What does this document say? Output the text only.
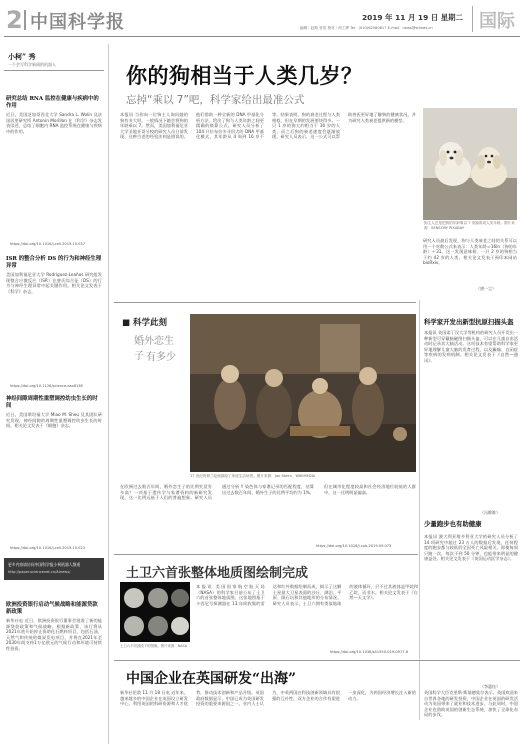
2 中国科学报	2019 年 11 月 19 日 星期二
编辑｜赵路 晋浩 校对｜何工烨 Tel：(010)62580617 E-mail：news@stimes.cn	国际
小柯” 秀
一个会写科学新闻的机器人
研究总结 RNA 监控在健康与疾病中的作用
近日，美国芝加哥西北大学 Sandra L. Wolin 及法国居里研究所 Antonin Morillon 在《科学》杂志发表综述，总结了细胞内 RNA 监控系统在健康与疾病中的作用。
https://doi.org/10.1016/j.cell.2019.10.037
ISR 的整合分析 DS 的行为和神经生理异常
美国加利福尼亚大学 Rodríguez-Leaños 研究组发现整合应激反应（ISR）在唐氏综合征（DS）的行为与神经生理异常中起关键作用。相关论文发表于《科学》杂志。
https://doi.org/10.1126/science.aax8185
神经间隙周期性重塑调控幼虫生长的时间
近日，美国斯坦福大学 Miao M. Sheu 及其团队研究发现，神经间隙的周期性重塑调控幼虫生长的时间。相关论文发表于《细胞》杂志。
https://doi.org/10.1016/j.cell.2019.10.023
更多内容请访问中国科学报小柯机器人频道
http://paper.sciencenet.cn/AInews/
欧洲投资银行启动气候战略和能源贷款新政策
新华社电 近日，欧洲投资银行董事会批准了新的能源贷款政策和气候战略。根据新政策，该行将从2021年底开始停止资助化石燃料项目，包括石油、天然气和传统的煤炭发电项目，并将在2021年至2030年间支持1万亿欧元的气候行动和环境可持续性投资。
你的狗相当于人类几岁？
忘掉“乘以 7”吧，科学家给出最准公式
狗主人总是把狗的年龄乘以 7 来换算成人类年龄。图片来源：SENSORY PIXABAY
本报讯 当你向一位狗主人询问她的狗有多大时，一般情况下她会将狗的年龄乘以 7。然而，美国加利福尼亚大学圣地亚哥分校的研究人员日前发现，这种古老的经验法则是错误的。他们借助一种全新的 DNA 甲基化分析方法，给出了狗与人类年龄之间更精确的换算公式。研究人员分析了 104 只拉布拉多寻回犬的 DNA 甲基化模式，其年龄从 4 周到 16 岁不等。结果表明，狗的衰老过程与人类相似，但在早期的发展要快得多。一只 1 岁的狗大约相当于 30 岁的人类，而之后狗的衰老速度会逐渐放缓。研究人员表示，这一公式可以帮助兽医更好地了解狗的健康状况，并为研究人类衰老提供新的模型。
研究人员最后发现，狗与人类衰老之间的关系可以用一个对数公式来表示：人类年龄＝16ln（狗的年龄）＋31。这一发现意味着，一只 2 岁的狗相当于约 42 岁的人类。相关论文发表于预印本网站 bioRxiv。
（唐一尘）
■ 科学此刻
婚外恋生子 有多少
17 世纪的荷兰绘画描绘了家庭生活场景。图片来源：Jan Steen，WIKIMEDIA
在欧洲过去数百年间，婚外恋生子的比例究竟有多高？一项基于遗传学与家谱资料的新研究发现，这一比例远低于人们的普遍想象。研究人员通过分析 Y 染色体与家谱记录的匹配程度，估算出过去数百年间，婚外生子的比例平均约为 1%，但在城市化程度较高和社会经济地位较低的人群中，这一比例明显偏高。
https://doi.org/10.1016/j.cub.2019.09.075
科学家开发出新型抗原扫描头盔
本报讯 英国诺丁汉大学等机构的研究人员开发出一种新型可穿戴脑磁图扫描头盔，可以在儿童自由活动时记录其大脑活动。这项技术有望帮助科学家更好地理解儿童大脑的发育过程，以及癫痫、自闭症等疾病的发病机制。相关论文发表于《自然—通讯》。
（冯维维）
少量跑步也有助健康
本报讯 澳大利亚维多利亚大学的研究人员分析了 14 项研究中超过 23 万人的数据后发现，任何程度的跑步都与较低的全因死亡风险相关。即使每周只跑一次，每次不到 50 分钟，也能带来明显的健康益处。相关论文发表于《英国运动医学杂志》。
（李惠钰）
土卫六首张整体地质图绘制完成
土卫六不同波段下的图像。图片来源：NASA
本报讯 美国国家航空航天局（NASA）的科学家日前公布了土卫六的首张整体地质图。这张地图基于卡西尼号探测器在 13 年间收集的雷达和红外数据绘制而成，揭示了这颗土星最大卫星表面的沙丘、湖泊、平原、陨石坑和其他地形的分布情况。研究人员表示，土卫六拥有类似地球的液体循环，只不过其液体是甲烷和乙烷，而非水。相关论文发表于《自然—天文学》。
https://doi.org/10.1038/s41550-019-0917-6
中国企业在英国研发“出海”
新华社伦敦 11 月 18 日电 近年来，越来越多的中国企业在英国设立研发中心，利用英国的科研资源和人才优势，推动技术创新和产品升级。英国政府数据显示，中国已成为英国研发投资的重要来源国之一。业内人士认为，中英两国在科技创新领域具有很强的互补性，双方企业的合作有望进一步深化，为两国经济增长注入新的动力。
英国科学大臣克里斯·斯基德莫尔表示，英国欢迎来自世界各地的研发投资，中国企业在英国的研发活动为英国带来了就业和技术进步。与此同时，中国企业也借助英国的创新生态系统，加快了全球化布局的步伐。
